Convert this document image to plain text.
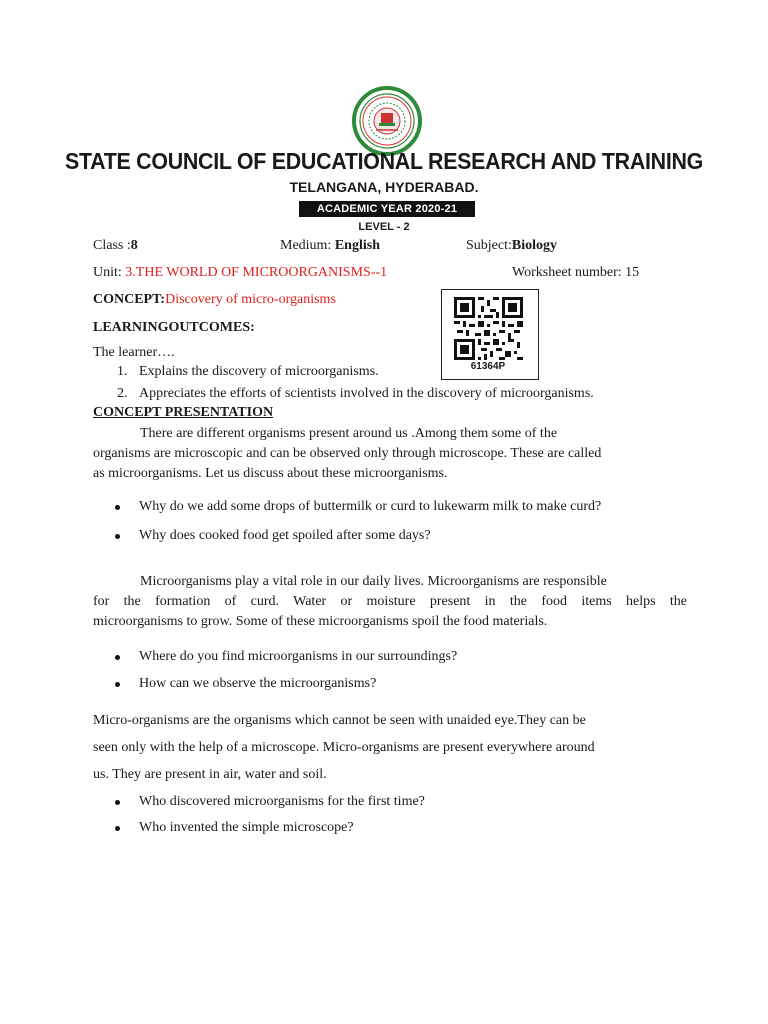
STATE COUNCIL OF EDUCATIONAL RESEARCH AND TRAINING
TELANGANA, HYDERABAD.
ACADEMIC YEAR 2020-21
LEVEL - 2
Class :8	Medium: English	Subject:Biology
Unit: 3.THE WORLD OF MICROORGANISMS--1	Worksheet number: 15
CONCEPT:Discovery of micro-organisms
LEARNINGOUTCOMES:
The learner….
1. Explains the discovery of microorganisms.
2. Appreciates the efforts of scientists involved in the discovery of microorganisms.
61364P
CONCEPT PRESENTATION
There are different organisms present around us .Among them some of the
organisms are microscopic and can be observed only through microscope. These are called
as microorganisms. Let us discuss about these microorganisms.
Why do we add some drops of buttermilk or curd to lukewarm milk to make curd?
Why does cooked food get spoiled after some days?
Microorganisms play a vital role in our daily lives. Microorganisms are responsible
for the formation of curd. Water or moisture present in the food items helps the
microorganisms to grow. Some of these microorganisms spoil the food materials.
Where do you find microorganisms in our surroundings?
How can we observe the microorganisms?
Micro-organisms are the organisms which cannot be seen with unaided eye.They can be
seen only with the help of a microscope. Micro-organisms are present everywhere around
us. They are present in air, water and soil.
Who discovered microorganisms for the first time?
Who invented the simple microscope?
